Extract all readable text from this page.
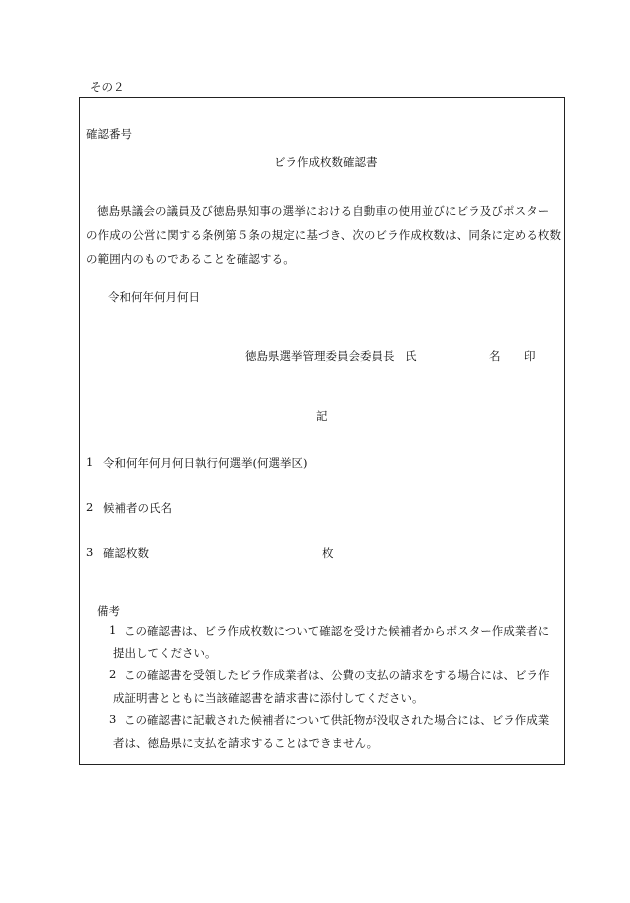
その２
確認番号
ビラ作成枚数確認書
徳島県議会の議員及び徳島県知事の選挙における自動車の使用並びにビラ及びポスター
の作成の公営に関する条例第５条の規定に基づき、次のビラ作成枚数は、同条に定める枚数
の範囲内のものであることを確認する。
令和何年何月何日
徳島県選挙管理委員会委員長 氏	名 印
記
1 令和何年何月何日執行何選挙(何選挙区)
2 候補者の氏名
3 確認枚数	枚
備考
1 この確認書は、ビラ作成枚数について確認を受けた候補者からポスター作成業者に
提出してください。
2 この確認書を受領したビラ作成業者は、公費の支払の請求をする場合には、ビラ作
成証明書とともに当該確認書を請求書に添付してください。
3 この確認書に記載された候補者について供託物が没収された場合には、ビラ作成業
者は、徳島県に支払を請求することはできません。
